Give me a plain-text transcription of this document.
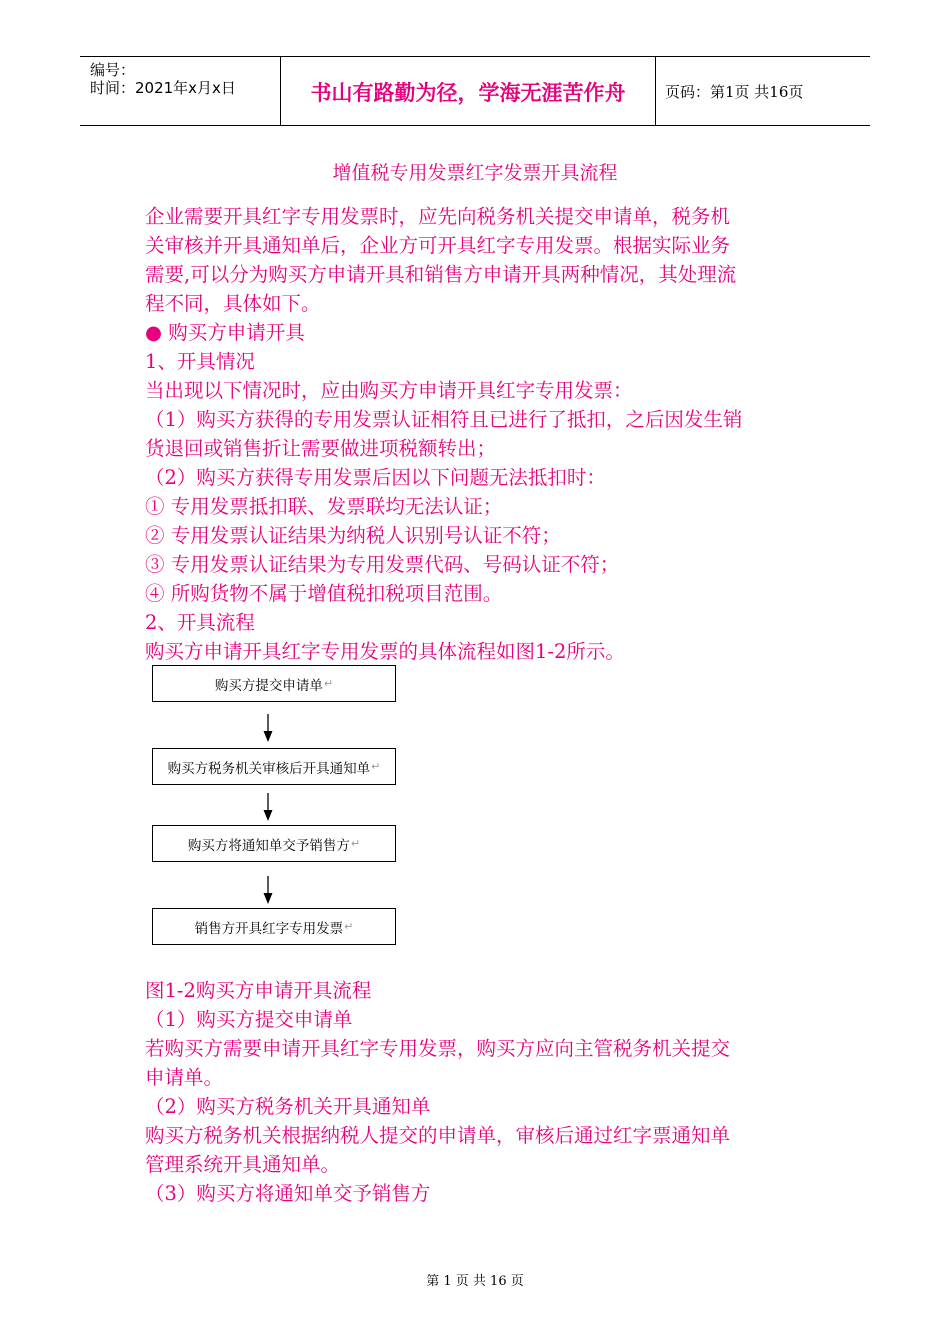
编号：
时间：2021年x月x日	书山有路勤为径，学海无涯苦作舟	页码：第1页 共16页
增值税专用发票红字发票开具流程
企业需要开具红字专用发票时，应先向税务机关提交申请单，税务机
关审核并开具通知单后，企业方可开具红字专用发票。根据实际业务
需要,可以分为购买方申请开具和销售方申请开具两种情况，其处理流
程不同，具体如下。
● 购买方申请开具
1、开具情况
当出现以下情况时，应由购买方申请开具红字专用发票：
（1）购买方获得的专用发票认证相符且已进行了抵扣，之后因发生销
货退回或销售折让需要做进项税额转出；
（2）购买方获得专用发票后因以下问题无法抵扣时：
① 专用发票抵扣联、发票联均无法认证；
② 专用发票认证结果为纳税人识别号认证不符；
③ 专用发票认证结果为专用发票代码、号码认证不符；
④ 所购货物不属于增值税扣税项目范围。
2、开具流程
购买方申请开具红字专用发票的具体流程如图1-2所示。
购买方提交申请单 ↵
购买方税务机关审核后开具通知单 ↵
购买方将通知单交予销售方 ↵
销售方开具红字专用发票 ↵
图1-2购买方申请开具流程
（1）购买方提交申请单
若购买方需要申请开具红字专用发票，购买方应向主管税务机关提交
申请单。
（2）购买方税务机关开具通知单
购买方税务机关根据纳税人提交的申请单，审核后通过红字票通知单
管理系统开具通知单。
（3）购买方将通知单交予销售方
第 1 页 共 16 页
